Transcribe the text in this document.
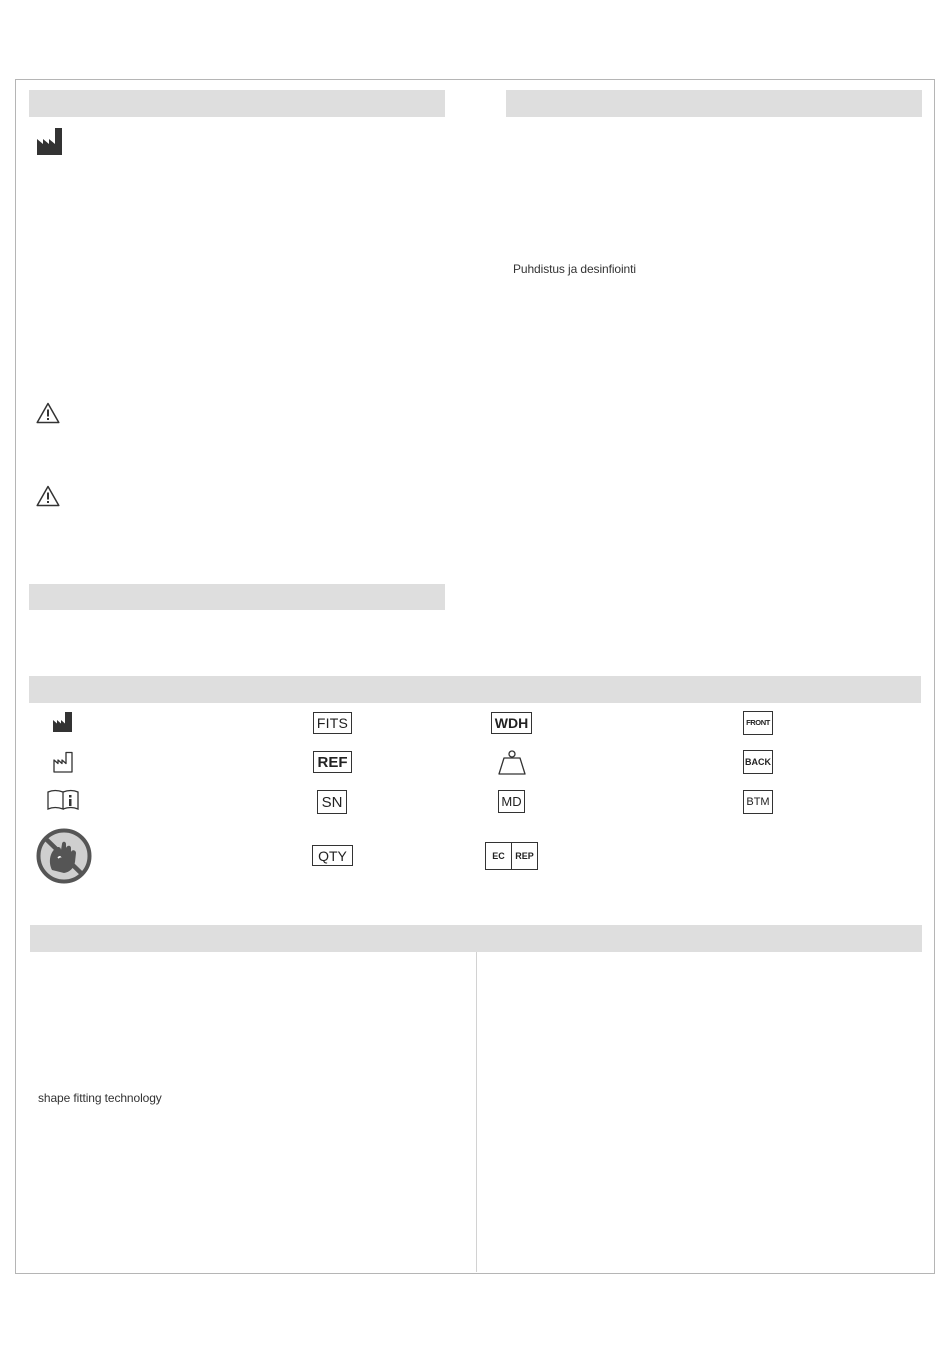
Puhdistus ja desinfiointi
FITS
REF
SN
QTY
WDH
MD
EC	REP
FRONT
BACK
BTM
shape fitting technology
